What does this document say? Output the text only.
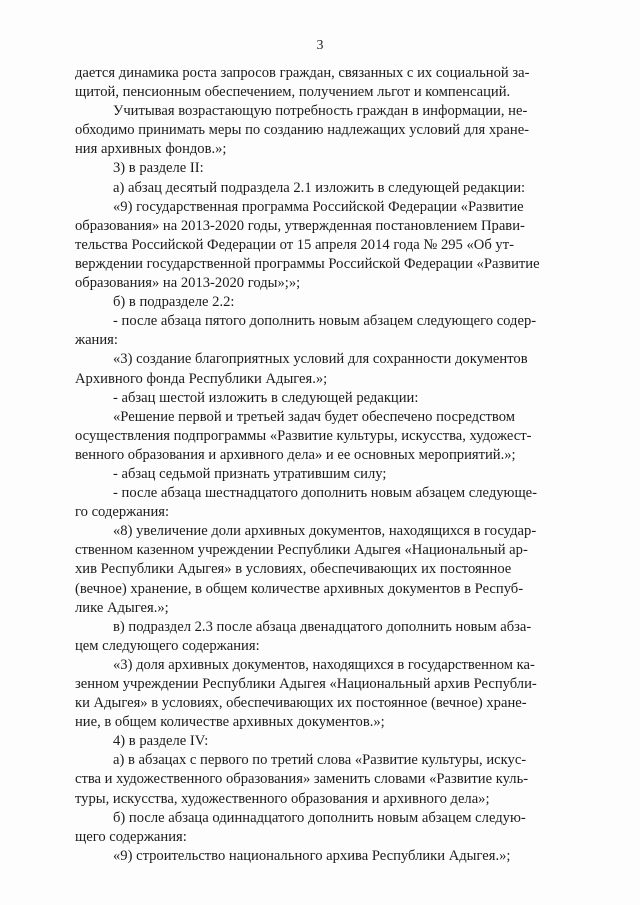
3

дается динамика роста запросов граждан, связанных с их социальной за-
щитой, пенсионным обеспечением, получением льгот и компенсаций.

Учитывая возрастающую потребность граждан в информации, не-
обходимо принимать меры по созданию надлежащих условий для хране-
ния архивных фондов.»;

3) в разделе II:

а) абзац десятый подраздела 2.1 изложить в следующей редакции:

«9) государственная программа Российской Федерации «Развитие
образования» на 2013-2020 годы, утвержденная постановлением Прави-
тельства Российской Федерации от 15 апреля 2014 года № 295 «Об ут-
верждении государственной программы Российской Федерации «Развитие
образования» на 2013-2020 годы»;»;

б) в подразделе 2.2:

- после абзаца пятого дополнить новым абзацем следующего содер-
жания:

«3) создание благоприятных условий для сохранности документов
Архивного фонда Республики Адыгея.»;

- абзац шестой изложить в следующей редакции:

«Решение первой и третьей задач будет обеспечено посредством
осуществления подпрограммы «Развитие культуры, искусства, художест-
венного образования и архивного дела» и ее основных мероприятий.»;

- абзац седьмой признать утратившим силу;

- после абзаца шестнадцатого дополнить новым абзацем следующе-
го содержания:

«8) увеличение доли архивных документов, находящихся в государ-
ственном казенном учреждении Республики Адыгея «Национальный ар-
хив Республики Адыгея» в условиях, обеспечивающих их постоянное
(вечное) хранение, в общем количестве архивных документов в Респуб-
лике Адыгея.»;

в) подраздел 2.3 после абзаца двенадцатого дополнить новым абза-
цем следующего содержания:

«3) доля архивных документов, находящихся в государственном ка-
зенном учреждении Республики Адыгея «Национальный архив Республи-
ки Адыгея» в условиях, обеспечивающих их постоянное (вечное) хране-
ние, в общем количестве архивных документов.»;

4) в разделе IV:

а) в абзацах с первого по третий слова «Развитие культуры, искус-
ства и художественного образования» заменить словами «Развитие куль-
туры, искусства, художественного образования и архивного дела»;

б) после абзаца одиннадцатого дополнить новым абзацем следую-
щего содержания:

«9) строительство национального архива Республики Адыгея.»;
